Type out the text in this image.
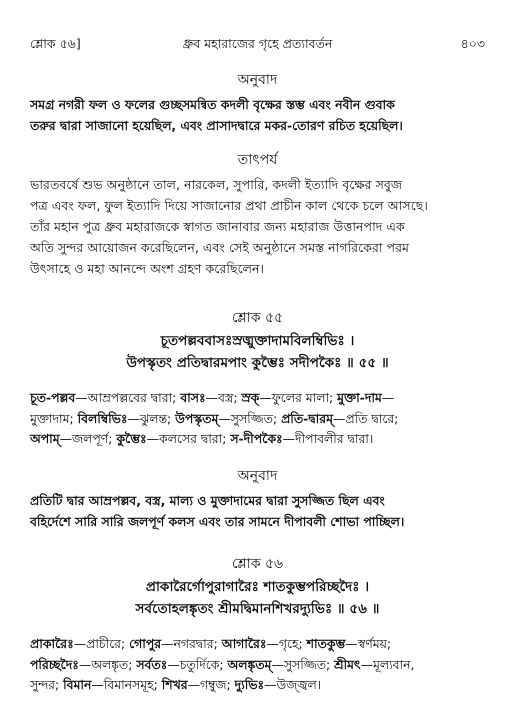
শ্লোক ৫৬]	ধ্রুব মহারাজের গৃহে প্রত্যাবর্তন	৪০৩
অনুবাদ
সমগ্র নগরী ফল ও ফলের গুচ্ছসমন্বিত কদলী বৃক্ষের স্তম্ভ এবং নবীন গুবাক
তরুর দ্বারা সাজানো হয়েছিল, এবং প্রাসাদদ্বারে মকর-তোরণ রচিত হয়েছিল।
তাৎপর্য
ভারতবর্ষে শুভ অনুষ্ঠানে তাল, নারকেল, সুপারি, কদলী ইত্যাদি বৃক্ষের সবুজ
পত্র এবং ফল, ফুল ইত্যাদি দিয়ে সাজানোর প্রথা প্রাচীন কাল থেকে চলে আসছে।
তাঁর মহান পুত্র ধ্রুব মহারাজকে স্বাগত জানাবার জন্য মহারাজ উত্তানপাদ এক
অতি সুন্দর আয়োজন করেছিলেন, এবং সেই অনুষ্ঠানে সমস্ত নাগরিকেরা পরম
উৎসাহে ও মহা আনন্দে অংশ গ্রহণ করেছিলেন।
শ্লোক ৫৫
চূতপল্লববাসঃস্রঙ্মুক্তাদামবিলম্বিভিঃ ।
উপস্কৃতং প্রতিদ্বারমপাং কুম্ভৈঃ সদীপকৈঃ ॥ ৫৫ ॥
চূত-পল্লব—আম্রপল্লবের দ্বারা; বাসঃ—বস্ত্র; স্রক্—ফুলের মালা; মুক্তা-দাম—
মুক্তাদাম; বিলম্বিভিঃ—ঝুলন্ত; উপস্কৃতম্—সুসজ্জিত; প্রতি-দ্বারম্—প্রতি দ্বারে;
অপাম্—জলপূর্ণ; কুম্ভৈঃ—কলসের দ্বারা; স-দীপকৈঃ—দীপাবলীর দ্বারা।
অনুবাদ
প্রতিটি দ্বার আম্রপল্লব, বস্ত্র, মাল্য ও মুক্তাদামের দ্বারা সুসজ্জিত ছিল এবং
বহির্দেশে সারি সারি জলপূর্ণ কলস এবং তার সামনে দীপাবলী শোভা পাচ্ছিল।
শ্লোক ৫৬
প্রাকারৈর্গোপুরাগারৈঃ শাতকুম্ভপরিচ্ছদৈঃ ।
সর্বতোহলঙ্কৃতং শ্রীমদ্বিমানশিখরদ্যুভিঃ ॥ ৫৬ ॥
প্রাকারৈঃ—প্রাচীরে; গোপুর—নগরদ্বার; আগারৈঃ—গৃহে; শাতকুম্ভ—স্বর্ণময়;
পরিচ্ছদৈঃ—অলঙ্কৃত; সর্বতঃ—চতুর্দিকে; অলঙ্কৃতম্—সুসজ্জিত; শ্রীমৎ—মূল্যবান,
সুন্দর; বিমান—বিমানসমূহ; শিখর—গম্বুজ; দ্যুভিঃ—উজ্জ্বল।
